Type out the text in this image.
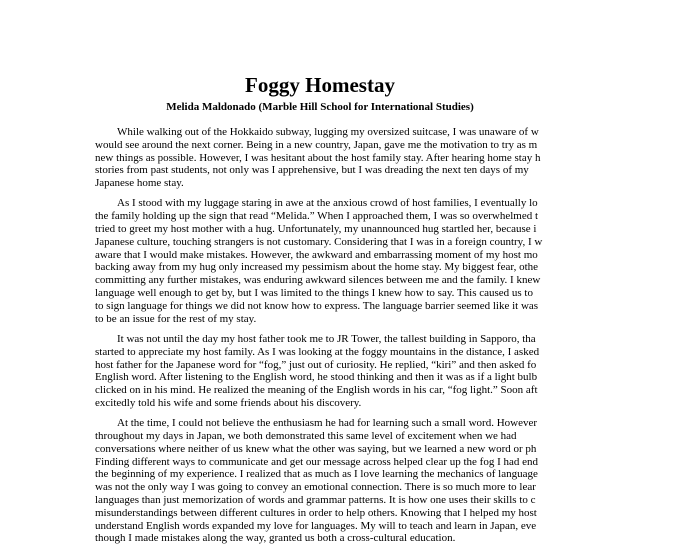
Foggy Homestay
Melida Maldonado (Marble Hill School for International Studies)
While walking out of the Hokkaido subway, lugging my oversized suitcase, I was unaware of w
would see around the next corner. Being in a new country, Japan, gave me the motivation to try as m
new things as possible. However, I was hesitant about the host family stay. After hearing home stay h
stories from past students, not only was I apprehensive, but I was dreading the next ten days of my
Japanese home stay.
As I stood with my luggage staring in awe at the anxious crowd of host families, I eventually lo
the family holding up the sign that read “Melida.” When I approached them, I was so overwhelmed t
tried to greet my host mother with a hug. Unfortunately, my unannounced hug startled her, because i
Japanese culture, touching strangers is not customary. Considering that I was in a foreign country, I w
aware that I would make mistakes. However, the awkward and embarrassing moment of my host mo
backing away from my hug only increased my pessimism about the home stay. My biggest fear, othe
committing any further mistakes, was enduring awkward silences between me and the family. I knew
language well enough to get by, but I was limited to the things I knew how to say. This caused us to
to sign language for things we did not know how to express. The language barrier seemed like it was
to be an issue for the rest of my stay.
It was not until the day my host father took me to JR Tower, the tallest building in Sapporo, tha
started to appreciate my host family. As I was looking at the foggy mountains in the distance, I asked
host father for the Japanese word for “fog,” just out of curiosity. He replied, “kiri” and then asked fo
English word. After listening to the English word, he stood thinking and then it was as if a light bulb
clicked on in his mind. He realized the meaning of the English words in his car, “fog light.” Soon aft
excitedly told his wife and some friends about his discovery.
At the time, I could not believe the enthusiasm he had for learning such a small word. However
throughout my days in Japan, we both demonstrated this same level of excitement when we had
conversations where neither of us knew what the other was saying, but we learned a new word or ph
Finding different ways to communicate and get our message across helped clear up the fog I had end
the beginning of my experience. I realized that as much as I love learning the mechanics of language
was not the only way I was going to convey an emotional connection. There is so much more to lear
languages than just memorization of words and grammar patterns. It is how one uses their skills to c
misunderstandings between different cultures in order to help others. Knowing that I helped my host
understand English words expanded my love for languages. My will to teach and learn in Japan, eve
though I made mistakes along the way, granted us both a cross-cultural education.
